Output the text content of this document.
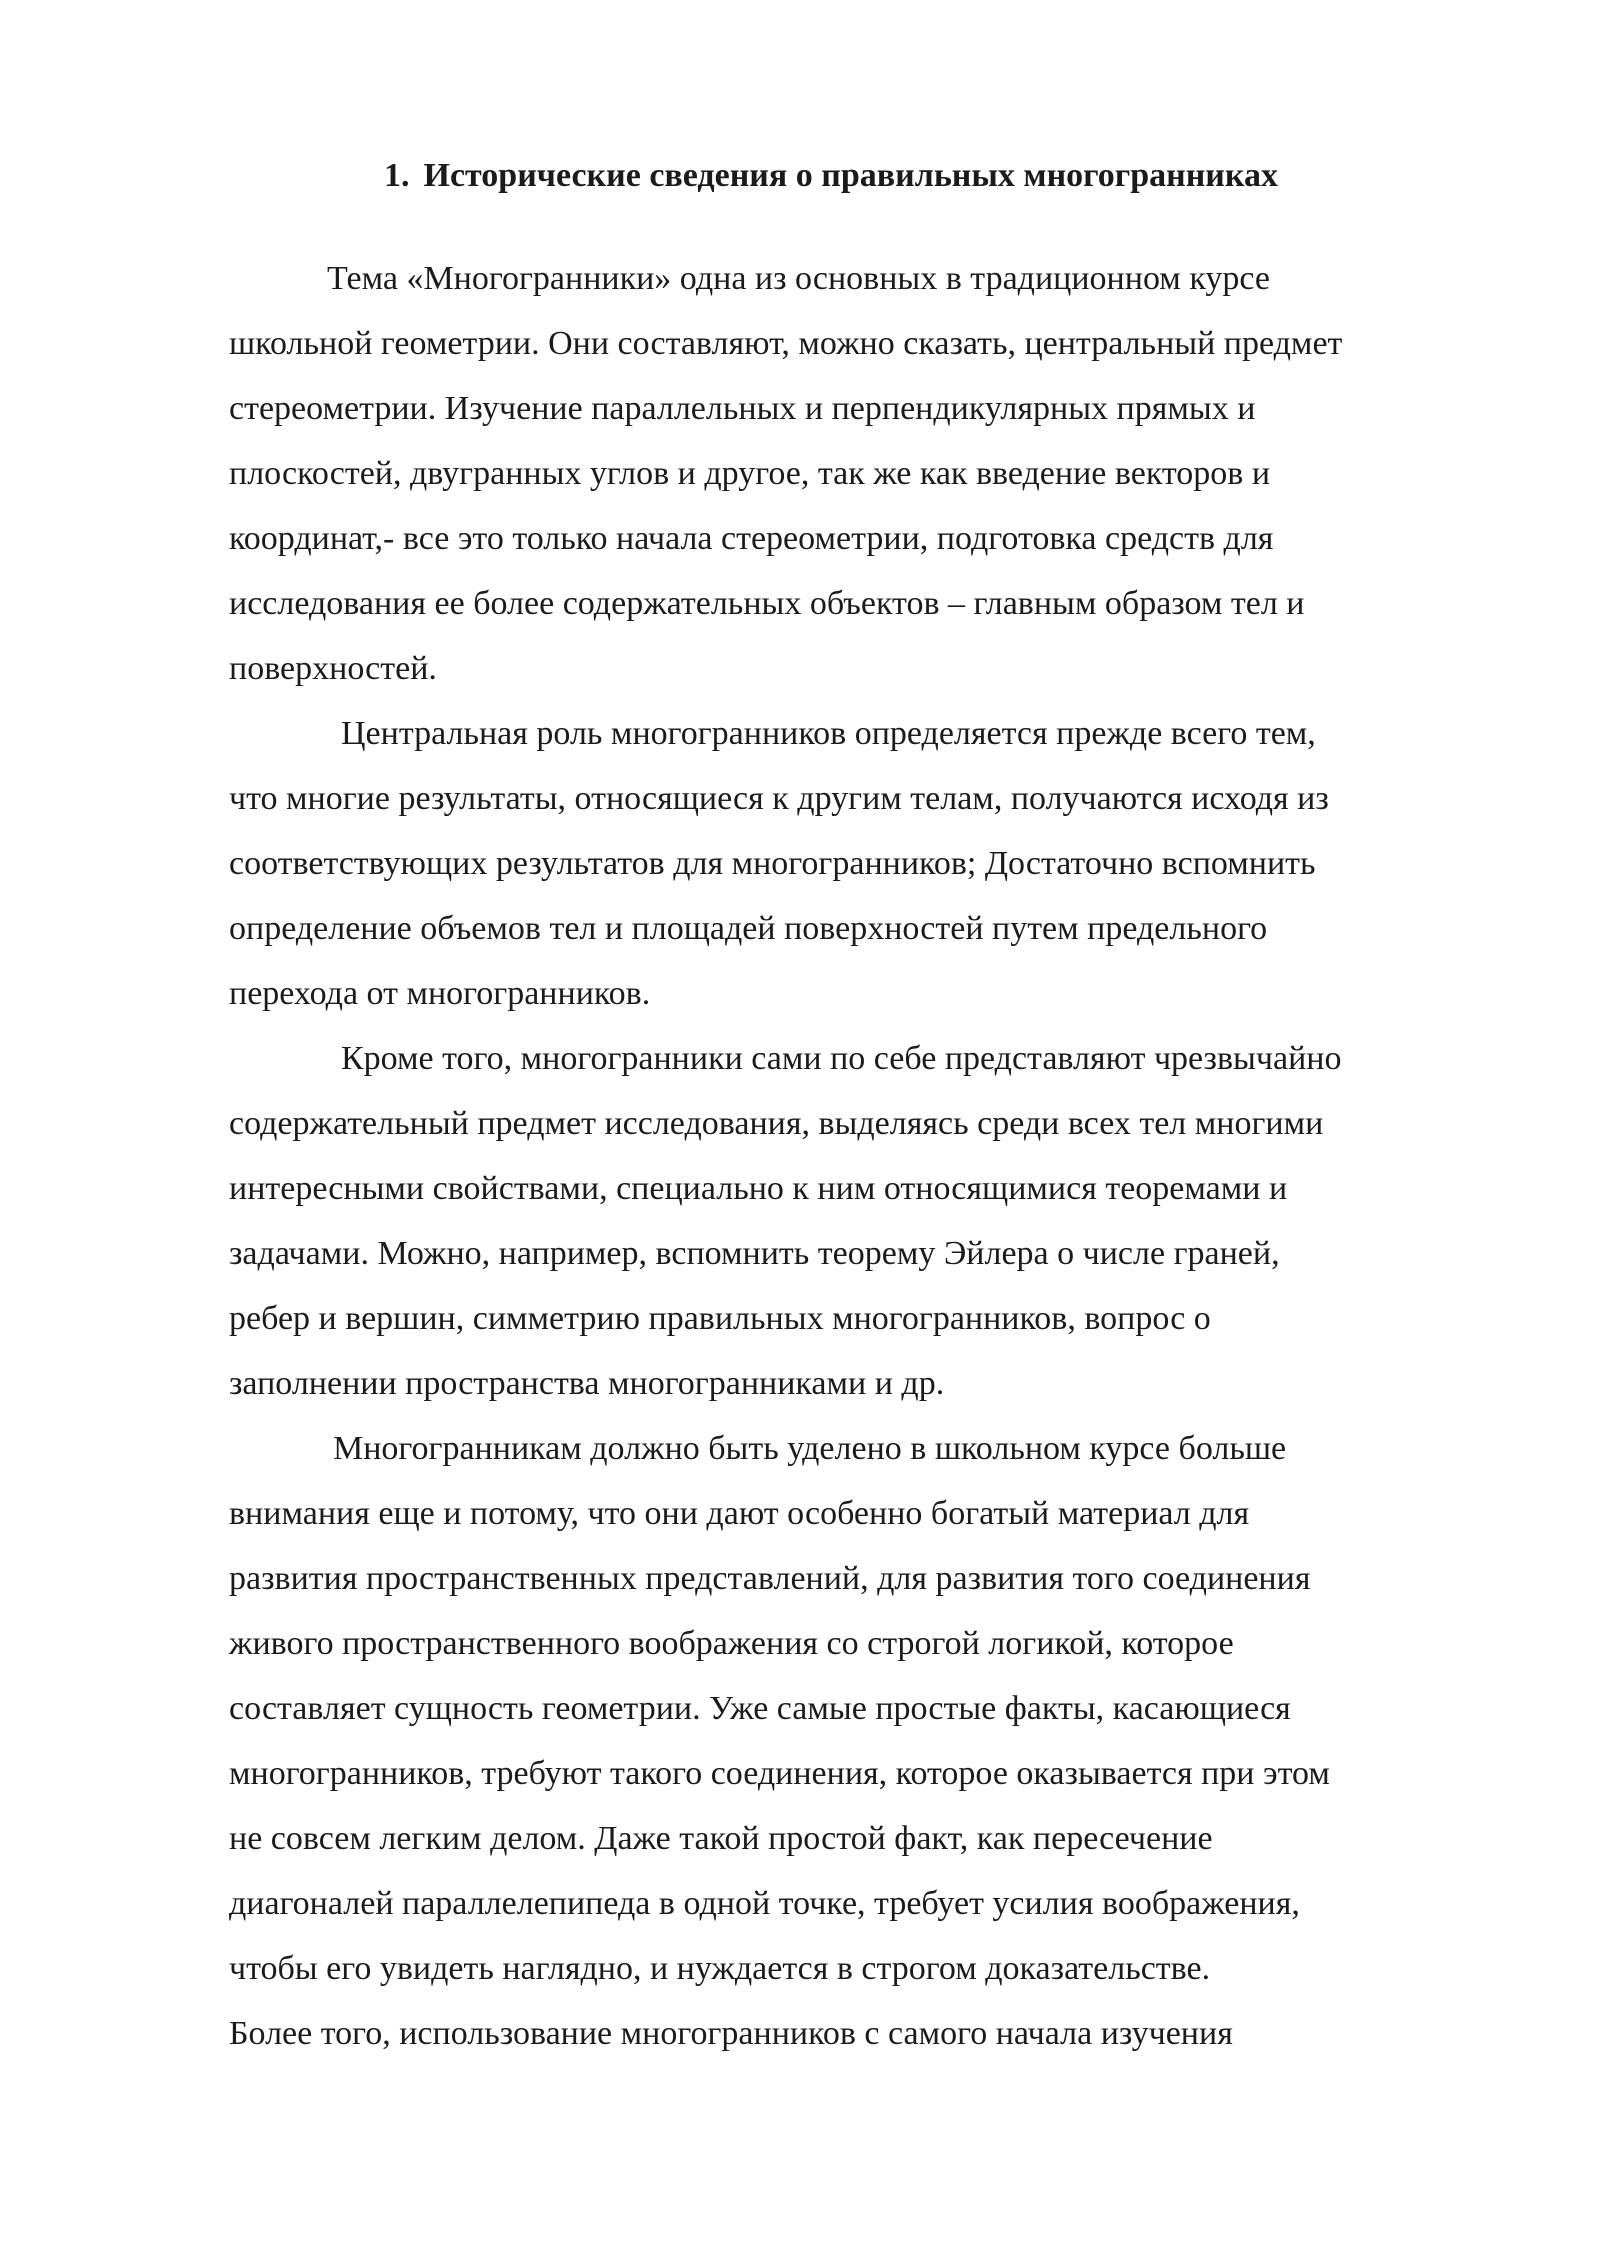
1. Исторические сведения о правильных многогранниках
Тема «Многогранники» одна из основных в традиционном курсе
школьной геометрии. Они составляют, можно сказать, центральный предмет
стереометрии. Изучение параллельных и перпендикулярных прямых и
плоскостей, двугранных углов и другое, так же как введение векторов и
координат,- все это только начала стереометрии, подготовка средств для
исследования ее более содержательных объектов – главным образом тел и
поверхностей.
Центральная роль многогранников определяется прежде всего тем,
что многие результаты, относящиеся к другим телам, получаются исходя из
соответствующих результатов для многогранников; Достаточно вспомнить
определение объемов тел и площадей поверхностей путем предельного
перехода от многогранников.
Кроме того, многогранники сами по себе представляют чрезвычайно
содержательный предмет исследования, выделяясь среди всех тел многими
интересными свойствами, специально к ним относящимися теоремами и
задачами. Можно, например, вспомнить теорему Эйлера о числе граней,
ребер и вершин, симметрию правильных многогранников, вопрос о
заполнении пространства многогранниками и др.
Многогранникам должно быть уделено в школьном курсе больше
внимания еще и потому, что они дают особенно богатый материал для
развития пространственных представлений, для развития того соединения
живого пространственного воображения со строгой логикой, которое
составляет сущность геометрии. Уже самые простые факты, касающиеся
многогранников, требуют такого соединения, которое оказывается при этом
не совсем легким делом. Даже такой простой факт, как пересечение
диагоналей параллелепипеда в одной точке, требует усилия воображения,
чтобы его увидеть наглядно, и нуждается в строгом доказательстве.
Более того, использование многогранников с самого начала изучения
